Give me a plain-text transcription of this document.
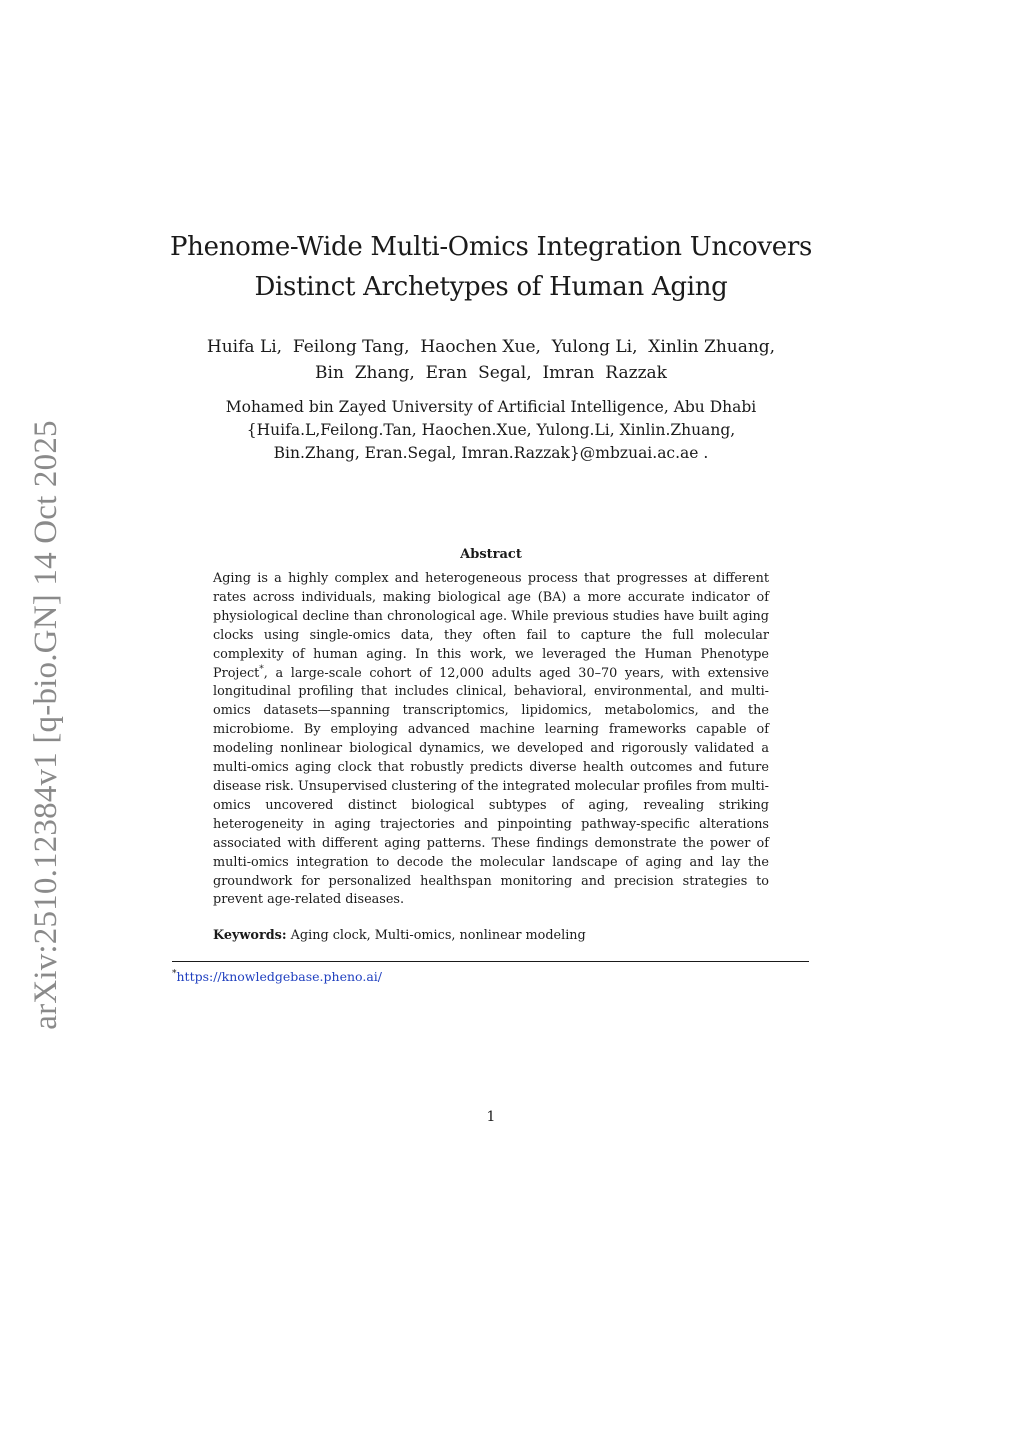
arXiv:2510.12384v1 [q-bio.GN] 14 Oct 2025
Phenome-Wide Multi-Omics Integration Uncovers
Distinct Archetypes of Human Aging
Huifa Li,  Feilong Tang,  Haochen Xue,  Yulong Li,  Xinlin Zhuang,
Bin  Zhang,  Eran  Segal,  Imran  Razzak
Mohamed bin Zayed University of Artificial Intelligence, Abu Dhabi
{Huifa.L,Feilong.Tan, Haochen.Xue, Yulong.Li, Xinlin.Zhuang,
Bin.Zhang, Eran.Segal, Imran.Razzak}@mbzuai.ac.ae .
Abstract

Aging is a highly complex and heterogeneous process that progresses at different rates across individuals, making biological age (BA) a more accurate indicator of physiological decline than chronological age. While previous studies have built aging clocks using single-omics data, they often fail to capture the full molecular complexity of human aging. In this work, we leveraged the Human Phenotype Project*, a large-scale cohort of 12,000 adults aged 30–70 years, with extensive longitudinal profiling that includes clinical, behavioral, environmental, and multi-omics datasets—spanning transcriptomics, lipidomics, metabolomics, and the microbiome. By employing advanced machine learning frameworks capable of modeling nonlinear biological dynamics, we developed and rigorously validated a multi-omics aging clock that robustly predicts diverse health outcomes and future disease risk. Unsupervised clustering of the integrated molecular profiles from multi-omics uncovered distinct biological subtypes of aging, revealing striking heterogeneity in aging trajectories and pinpointing pathway-specific alterations associated with different aging patterns. These findings demonstrate the power of multi-omics integration to decode the molecular landscape of aging and lay the groundwork for personalized healthspan monitoring and precision strategies to prevent age-related diseases.

Keywords: Aging clock, Multi-omics, nonlinear modeling

*https://knowledgebase.pheno.ai/

1
